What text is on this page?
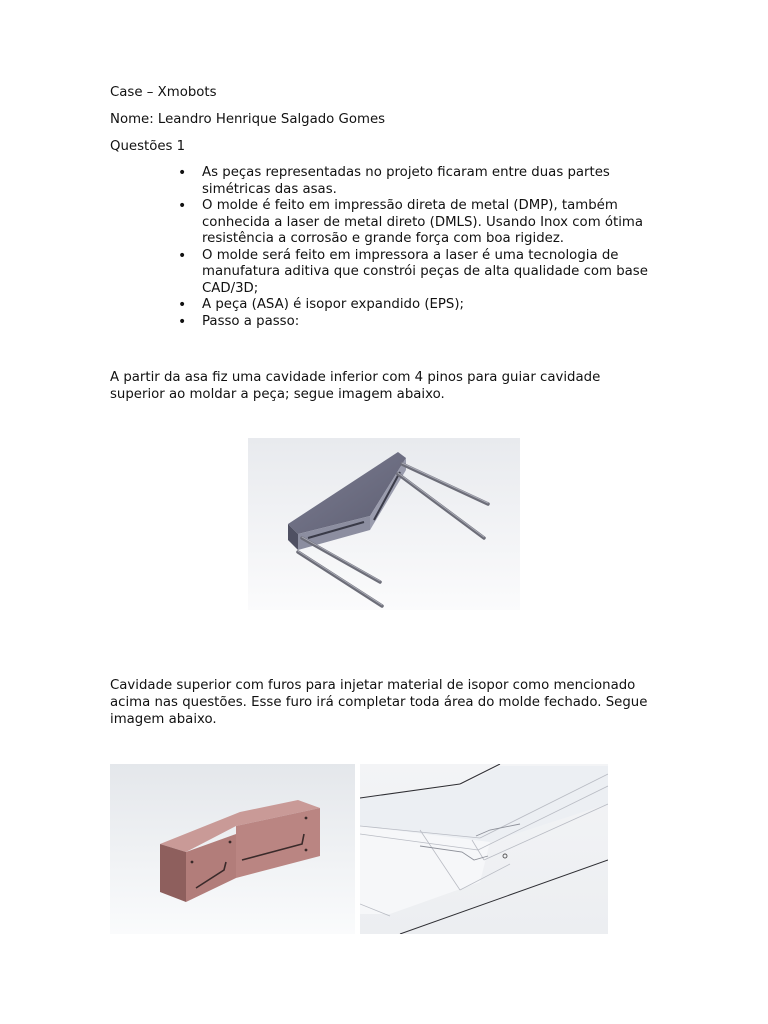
Case – Xmobots
Nome: Leandro Henrique Salgado Gomes
Questões 1
• As peças representadas no projeto ficaram entre duas partes simétricas das asas.
• O molde é feito em impressão direta de metal (DMP), também conhecida a laser de metal direto (DMLS). Usando Inox com ótima resistência a corrosão e grande força com boa rigidez.
• O molde será feito em impressora a laser é uma tecnologia de manufatura aditiva que constrói peças de alta qualidade com base CAD/3D;
• A peça (ASA) é isopor expandido (EPS);
• Passo a passo:
A partir da asa fiz uma cavidade inferior com 4 pinos para guiar cavidade superior ao moldar a peça; segue imagem abaixo.
Cavidade superior com furos para injetar material de isopor como mencionado acima nas questões. Esse furo irá completar toda área do molde fechado. Segue imagem abaixo.
